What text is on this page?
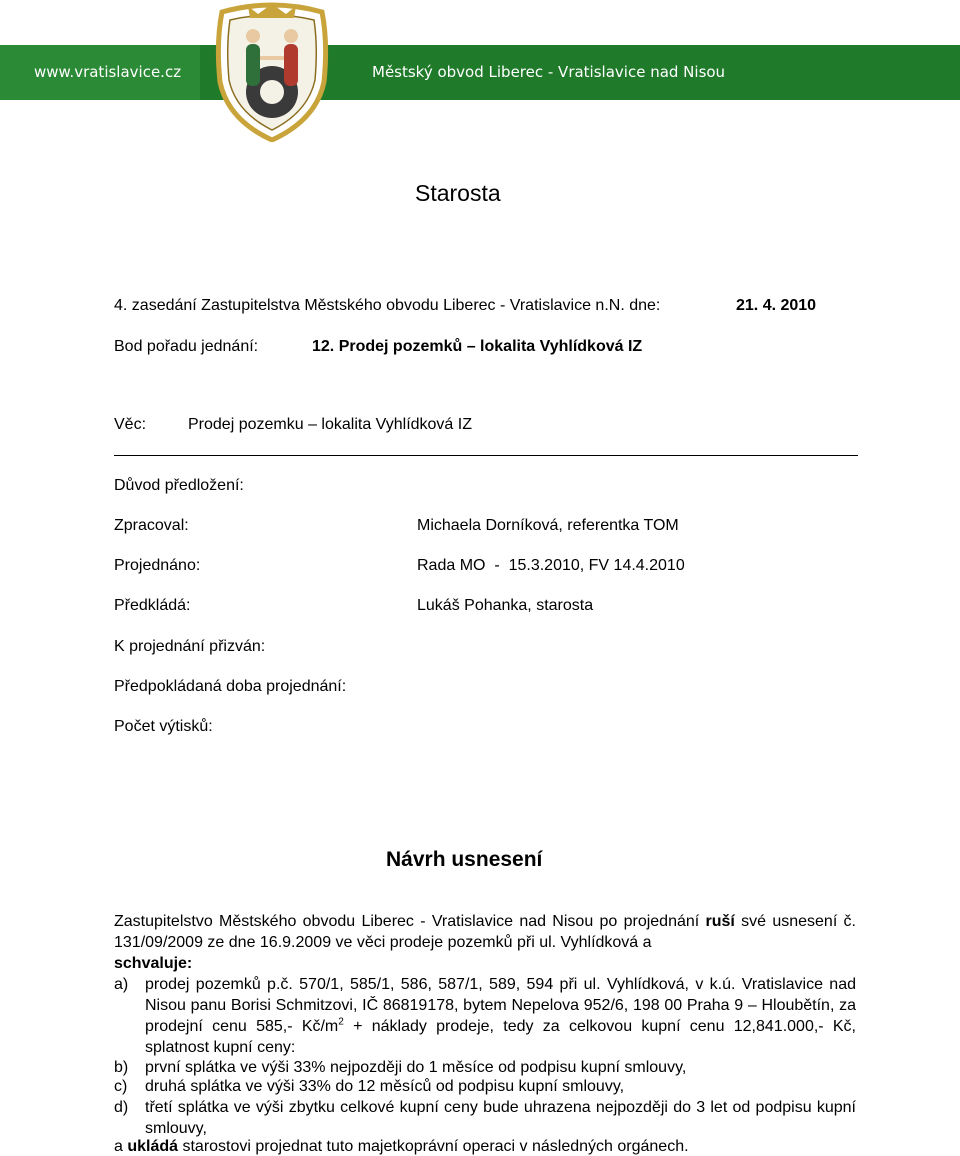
www.vratislavice.cz	Městský obvod Liberec - Vratislavice nad Nisou
Starosta
4. zasedání Zastupitelstva Městského obvodu Liberec - Vratislavice n.N. dne:	21. 4. 2010
Bod pořadu jednání:	12. Prodej pozemků – lokalita Vyhlídková IZ
Věc:	Prodej pozemku – lokalita Vyhlídková IZ
Důvod předložení:
Zpracoval:	Michaela Dorníková, referentka TOM
Projednáno:	Rada MO  -  15.3.2010, FV 14.4.2010
Předkládá:	Lukáš Pohanka, starosta
K projednání přizván:
Předpokládaná doba projednání:
Počet výtisků:
Návrh usnesení
Zastupitelstvo Městského obvodu Liberec - Vratislavice nad Nisou po projednání ruší své usnesení č. 131/09/2009 ze dne 16.9.2009 ve věci prodeje pozemků při ul. Vyhlídková a
schvaluje:
a) prodej pozemků p.č. 570/1, 585/1, 586, 587/1, 589, 594 při ul. Vyhlídková, v k.ú. Vratislavice nad Nisou panu Borisi Schmitzovi, IČ 86819178, bytem Nepelova 952/6, 198 00 Praha 9 – Hloubětín, za prodejní cenu 585,- $Kč/m^2$ + náklady prodeje, tedy za celkovou kupní cenu 12,841.000,- Kč, splatnost kupní ceny:
b) první splátka ve výši 33% nejpozději do 1 měsíce od podpisu kupní smlouvy,
c) druhá splátka ve výši 33% do 12 měsíců od podpisu kupní smlouvy,
d) třetí splátka ve výši zbytku celkové kupní ceny bude uhrazena nejpozději do 3 let od podpisu kupní smlouvy,
a ukládá starostovi projednat tuto majetkoprávní operaci v následných orgánech.
